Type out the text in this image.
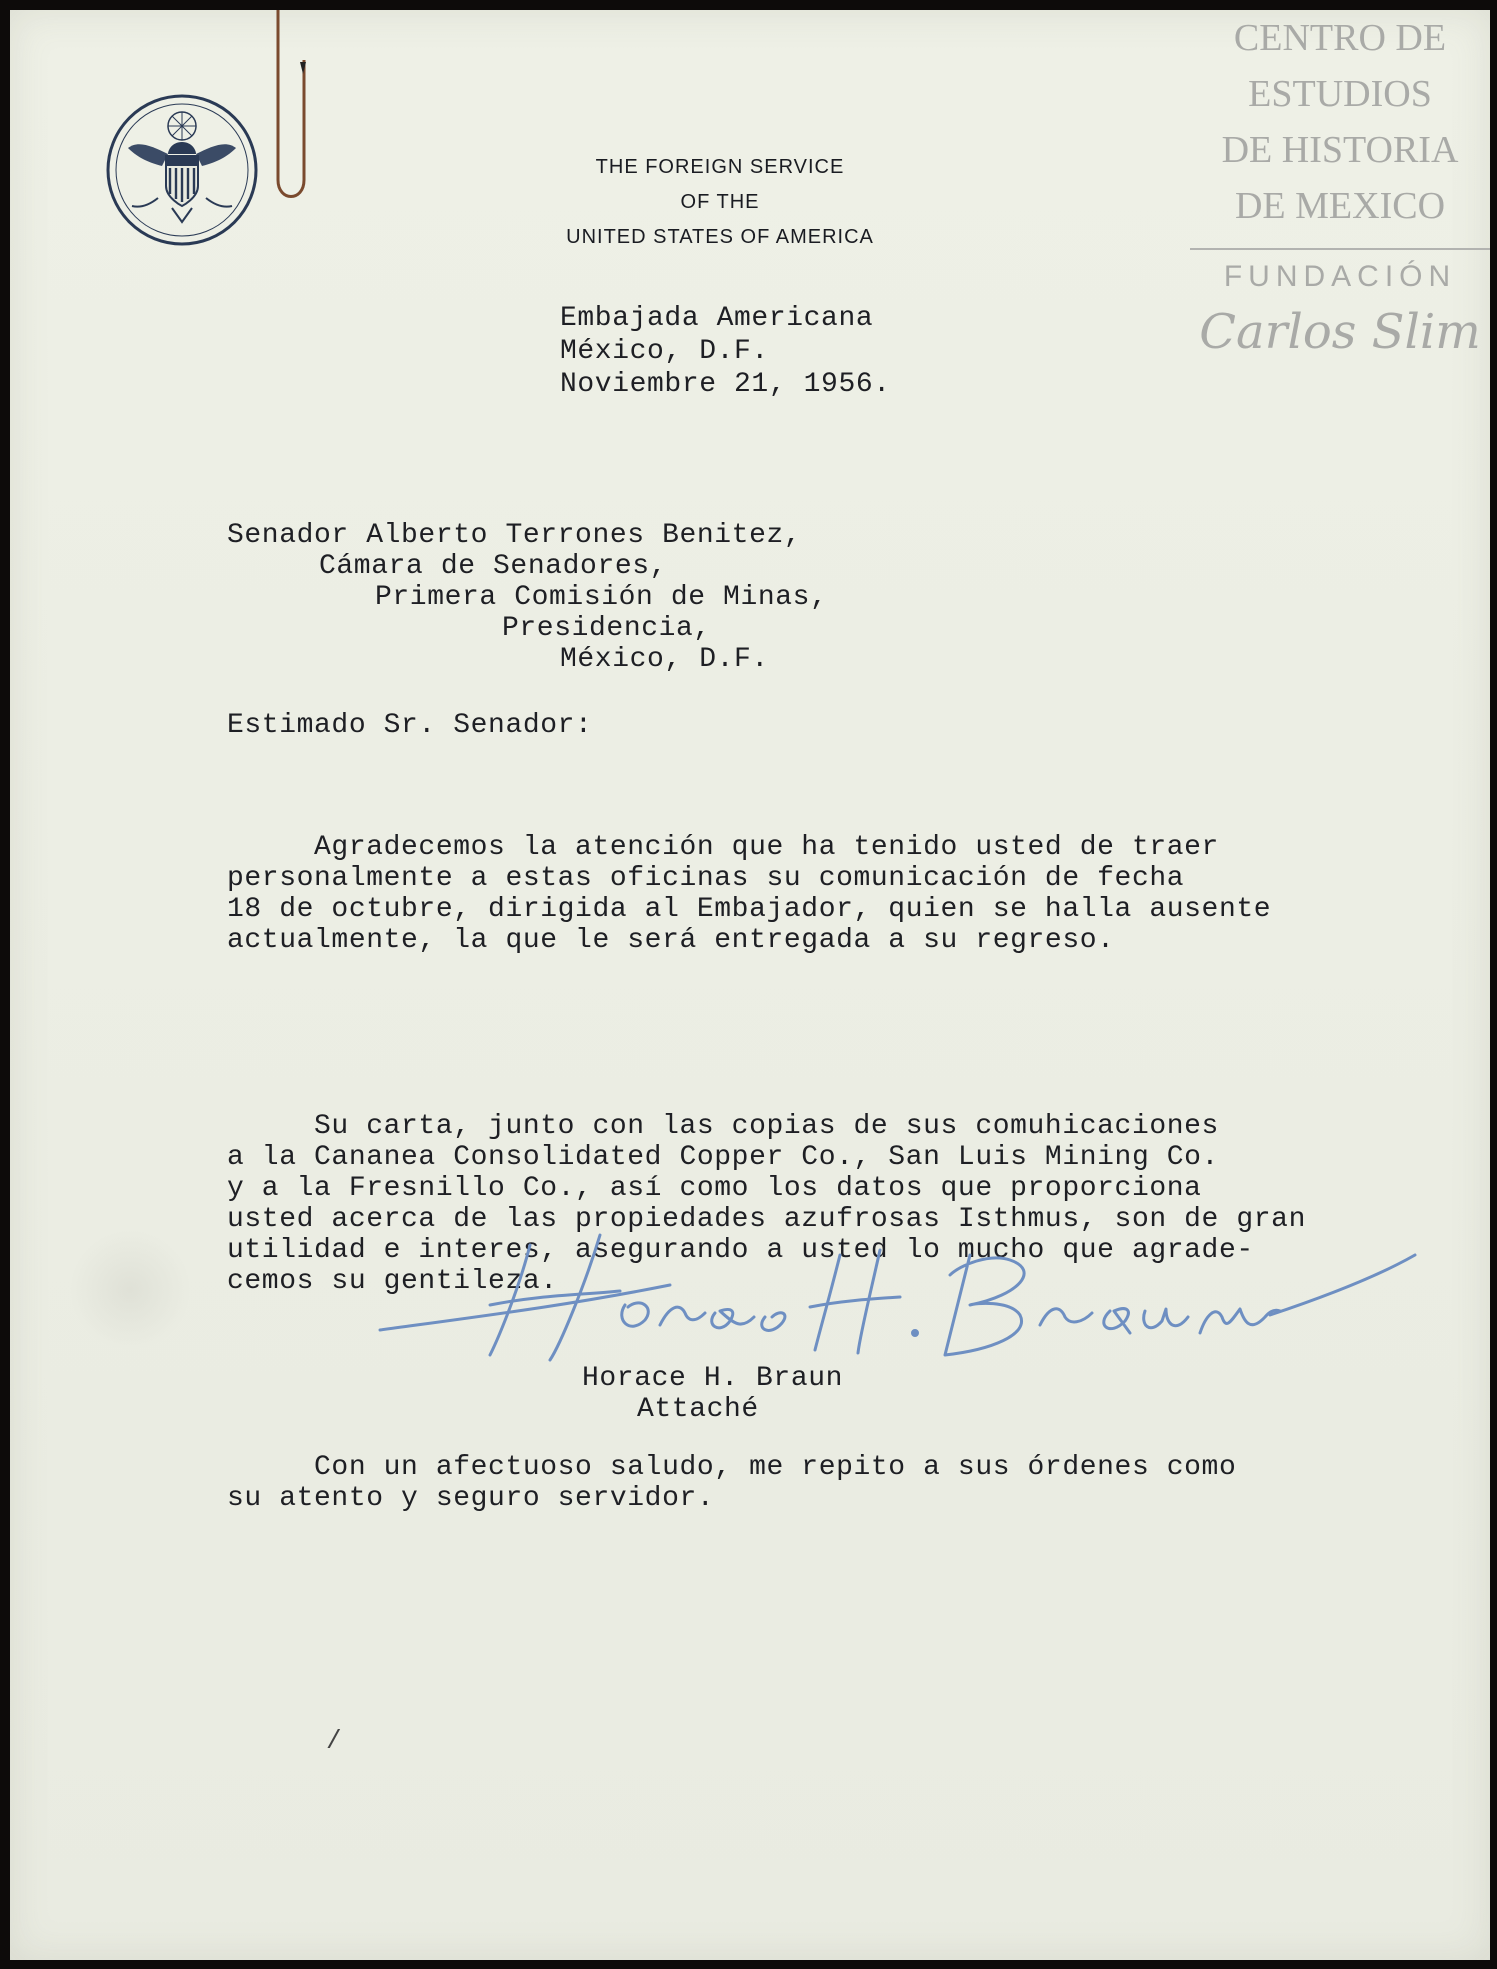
THE FOREIGN SERVICE
OF THE
UNITED STATES OF AMERICA
CENTRO DE
ESTUDIOS
DE HISTORIA
DE MEXICO
FUNDACIÓN
Carlos Slim
Embajada Americana
México, D.F.
Noviembre 21, 1956.
Senador Alberto Terrones Benitez,
Cámara de Senadores,
Primera Comisión de Minas,
Presidencia,
México, D.F.
Estimado Sr. Senador:

Agradecemos la atención que ha tenido usted de traer
personalmente a estas oficinas su comunicación de fecha
18 de octubre, dirigida al Embajador, quien se halla ausente
actualmente, la que le será entregada a su regreso.

Su carta, junto con las copias de sus comuhicaciones
a la Cananea Consolidated Copper Co., San Luis Mining Co.
y a la Fresnillo Co., así como los datos que proporciona
usted acerca de las propiedades azufrosas Isthmus, son de gran
utilidad e interes, asegurando a usted lo mucho que agrade-
cemos su gentileza.

Con un afectuoso saludo, me repito a sus órdenes como
su atento y seguro servidor.

Horace H. Braun
Attaché
/
